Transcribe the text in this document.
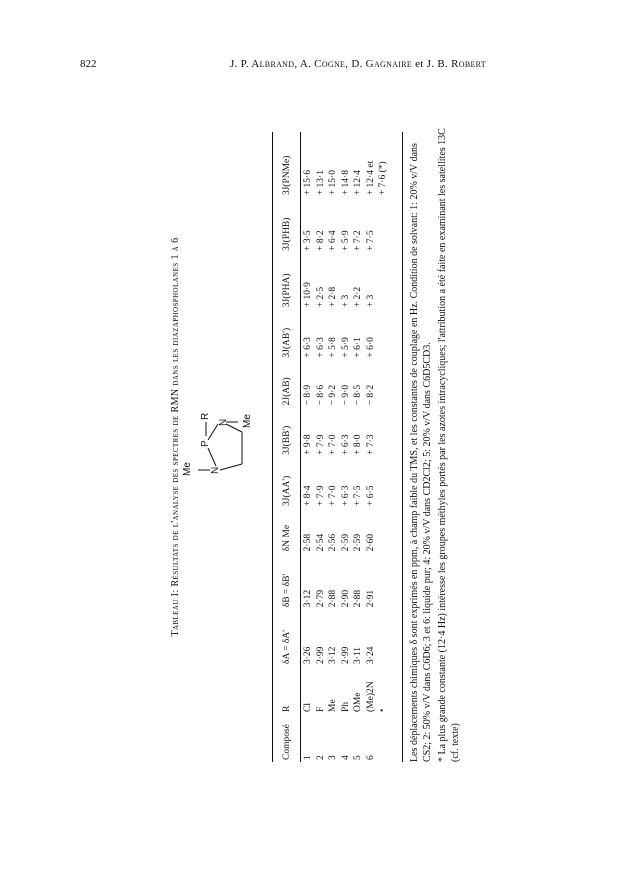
822	J. P. Albrand, A. Cogne, D. Gagnaire et J. B. Robert
Tableau I: Résultats de l'analyse des spectres de RMN dans les diazaphospholanes 1 à 6 Me N
P
R
N Me
Composé	R	δA = δA'	δB = δB'	δN Me	3J(AA')	3J(BB')	2J(AB)	3J(AB')	3J(PHA)	3J(PHB)	3J(PNMe)
1	Cl	3·26	3·12	2·58	+ 8·4	+ 9·8	− 8·9	+ 6·3	+ 10·9	+ 3·5	+ 15·6
2	F	2·99	2·79	2·54	+ 7·9	+ 7·9	− 8·6	+ 6·3	+ 2·5	+ 8·2	+ 13·1
3	Me	3·12	2·88	2·56	+ 7·0	+ 7·0	− 9·2	+ 5·8	+ 2·8	+ 6·4	+ 15·0
4	Ph	2·99	2·90	2·59	+ 6·3	+ 6·3	− 9·0	+ 5·9	+ 3	+ 5·9	+ 14·8
5	OMe	3·11	2·88	2·59	+ 7·5	+ 8·0	− 8·5	+ 6·1	+ 2·2	+ 7·2	+ 12·4
6	(Me)2N	3·24	2·91	2·60	+ 6·5	+ 7·3	− 8·2	+ 6·0	+ 3	+ 7·5	+ 12·4 et
	•										+ 7·6 (*) Les déplacements chimiques δ sont exprimés en ppm, à champ faible du TMS, et les constantes de couplage en Hz. Condition de solvant: 1: 20% v/V dans CS2; 2: 50% v/V dans C6D6; 3 et 6: liquide pur; 4: 20% v/V dans CD2Cl2; 5: 20% v/V dans C6D5CD3. * La plus grande constante (12·4 Hz) intéresse les groupes méthyles portés par les azotes intracycliques; l'attribution a été faite en examinant les satellites 13C (cf. texte)
